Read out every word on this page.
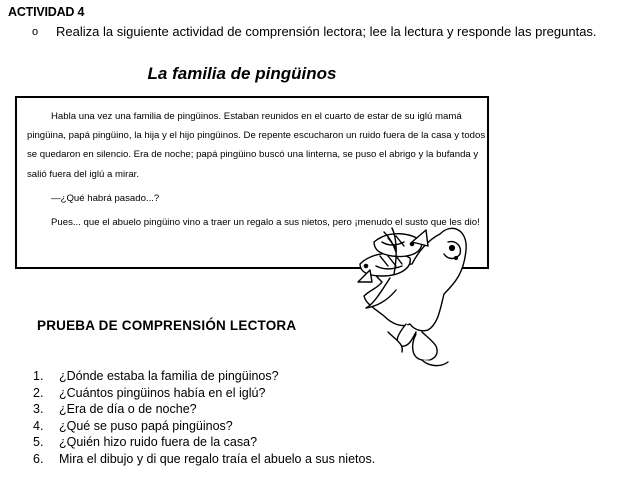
ACTIVIDAD 4
o	Realiza la siguiente actividad de comprensión lectora; lee la lectura y responde las preguntas.
La familia de pingüinos

Habla una vez una familia de pingüinos. Estaban reunidos en el cuarto de estar de su iglú mamá pingüina, papá pingüino, la hija y el hijo pingüinos. De repente escucharon un ruido fuera de la casa y todos se quedaron en silencio. Era de noche; papá pingüino buscó una linterna, se puso el abrigo y la bufanda y salió fuera del iglú a mirar.

—¿Qué habrá pasado...?

Pues... que el abuelo pingüino vino a traer un regalo a sus nietos, pero ¡menudo el susto que les dio!

PRUEBA DE COMPRENSIÓN LECTORA
1.	¿Dónde estaba la familia de pingüinos?
2.	¿Cuántos pingüinos había en el iglú?
3.	¿Era de día o de noche?
4.	¿Qué se puso papá pingüinos?
5.	¿Quién hizo ruido fuera de la casa?
6.	Mira el dibujo y di que regalo traía el abuelo a sus nietos.
